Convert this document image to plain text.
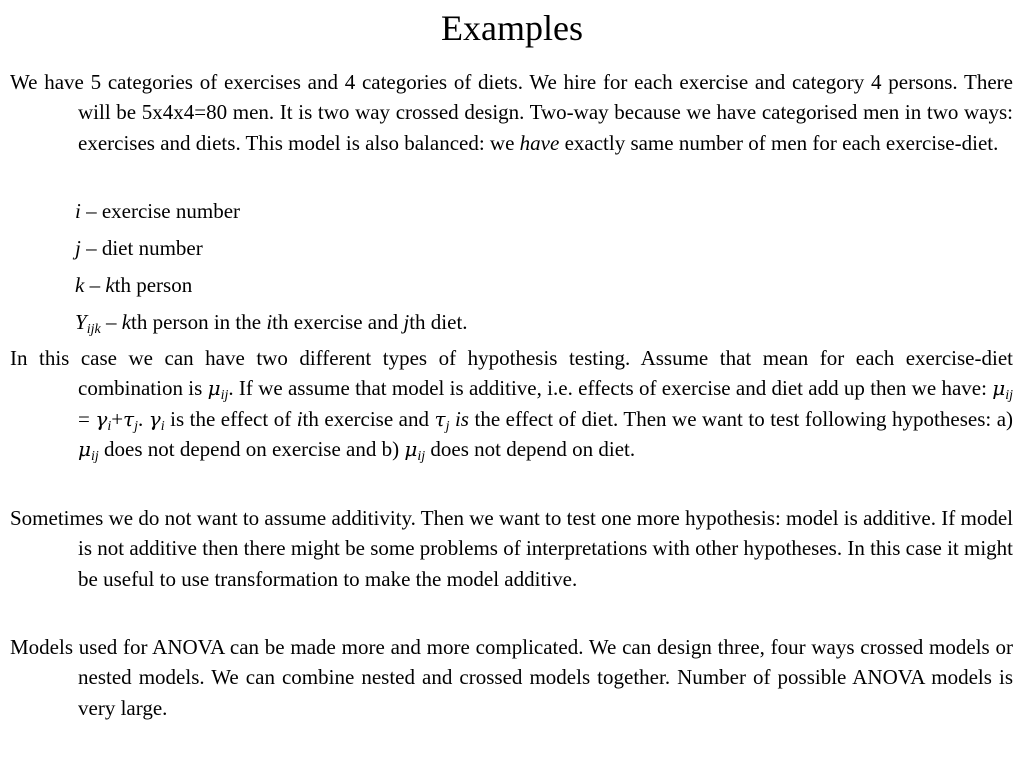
Examples
We have 5 categories of exercises and 4 categories of diets. We hire for each exercise and category 4 persons. There will be 5x4x4=80 men. It is two way crossed design. Two-way because we have categorised men in two ways: exercises and diets. This model is also balanced: we have exactly same number of men for each exercise-diet.
i – exercise number
j – diet number
k – kth person
$Y_{ijk}$ – kth person in the ith exercise and jth diet.
In this case we can have two different types of hypothesis testing. Assume that mean for each exercise-diet combination is $\mu_{ij}$. If we assume that model is additive, i.e. effects of exercise and diet add up then we have: $\mu_{ij} = \gamma_i+\tau_j$. $\gamma_i$ is the effect of ith exercise and $\tau_j$ is the effect of diet. Then we want to test following hypotheses: a) $\mu_{ij}$ does not depend on exercise and b) $\mu_{ij}$ does not depend on diet.
Sometimes we do not want to assume additivity. Then we want to test one more hypothesis: model is additive. If model is not additive then there might be some problems of interpretations with other hypotheses. In this case it might be useful to use transformation to make the model additive.
Models used for ANOVA can be made more and more complicated. We can design three, four ways crossed models or nested models. We can combine nested and crossed models together. Number of possible ANOVA models is very large.
